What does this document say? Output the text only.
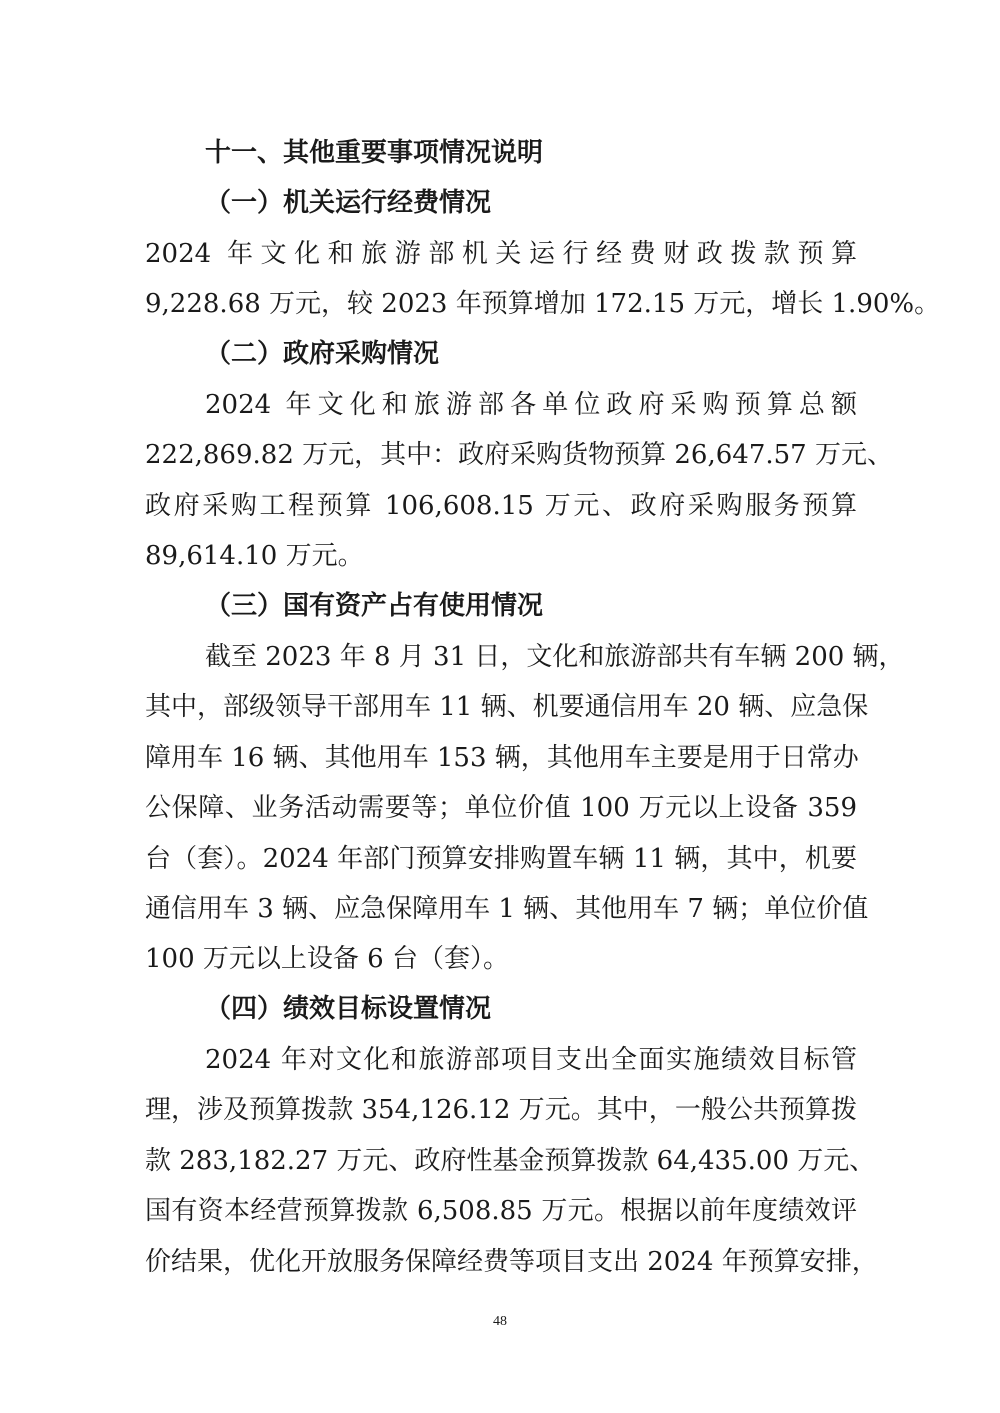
十一、其他重要事项情况说明
（一）机关运行经费情况
2024 年文化和旅游部机关运行经费财政拨款预算
9,228.68 万元，较 2023 年预算增加 172.15 万元，增长 1.90%。
（二）政府采购情况
2024 年文化和旅游部各单位政府采购预算总额
222,869.82 万元，其中：政府采购货物预算 26,647.57 万元、
政府采购工程预算 106,608.15 万元、政府采购服务预算
89,614.10 万元。
（三）国有资产占有使用情况
截至 2023 年 8 月 31 日，文化和旅游部共有车辆 200 辆，
其中，部级领导干部用车 11 辆、机要通信用车 20 辆、应急保
障用车 16 辆、其他用车 153 辆，其他用车主要是用于日常办
公保障、业务活动需要等；单位价值 100 万元以上设备 359
台（套）。2024 年部门预算安排购置车辆 11 辆，其中，机要
通信用车 3 辆、应急保障用车 1 辆、其他用车 7 辆；单位价值
100 万元以上设备 6 台（套）。
（四）绩效目标设置情况
2024 年对文化和旅游部项目支出全面实施绩效目标管
理，涉及预算拨款 354,126.12 万元。其中，一般公共预算拨
款 283,182.27 万元、政府性基金预算拨款 64,435.00 万元、
国有资本经营预算拨款 6,508.85 万元。根据以前年度绩效评
价结果，优化开放服务保障经费等项目支出 2024 年预算安排，
48
